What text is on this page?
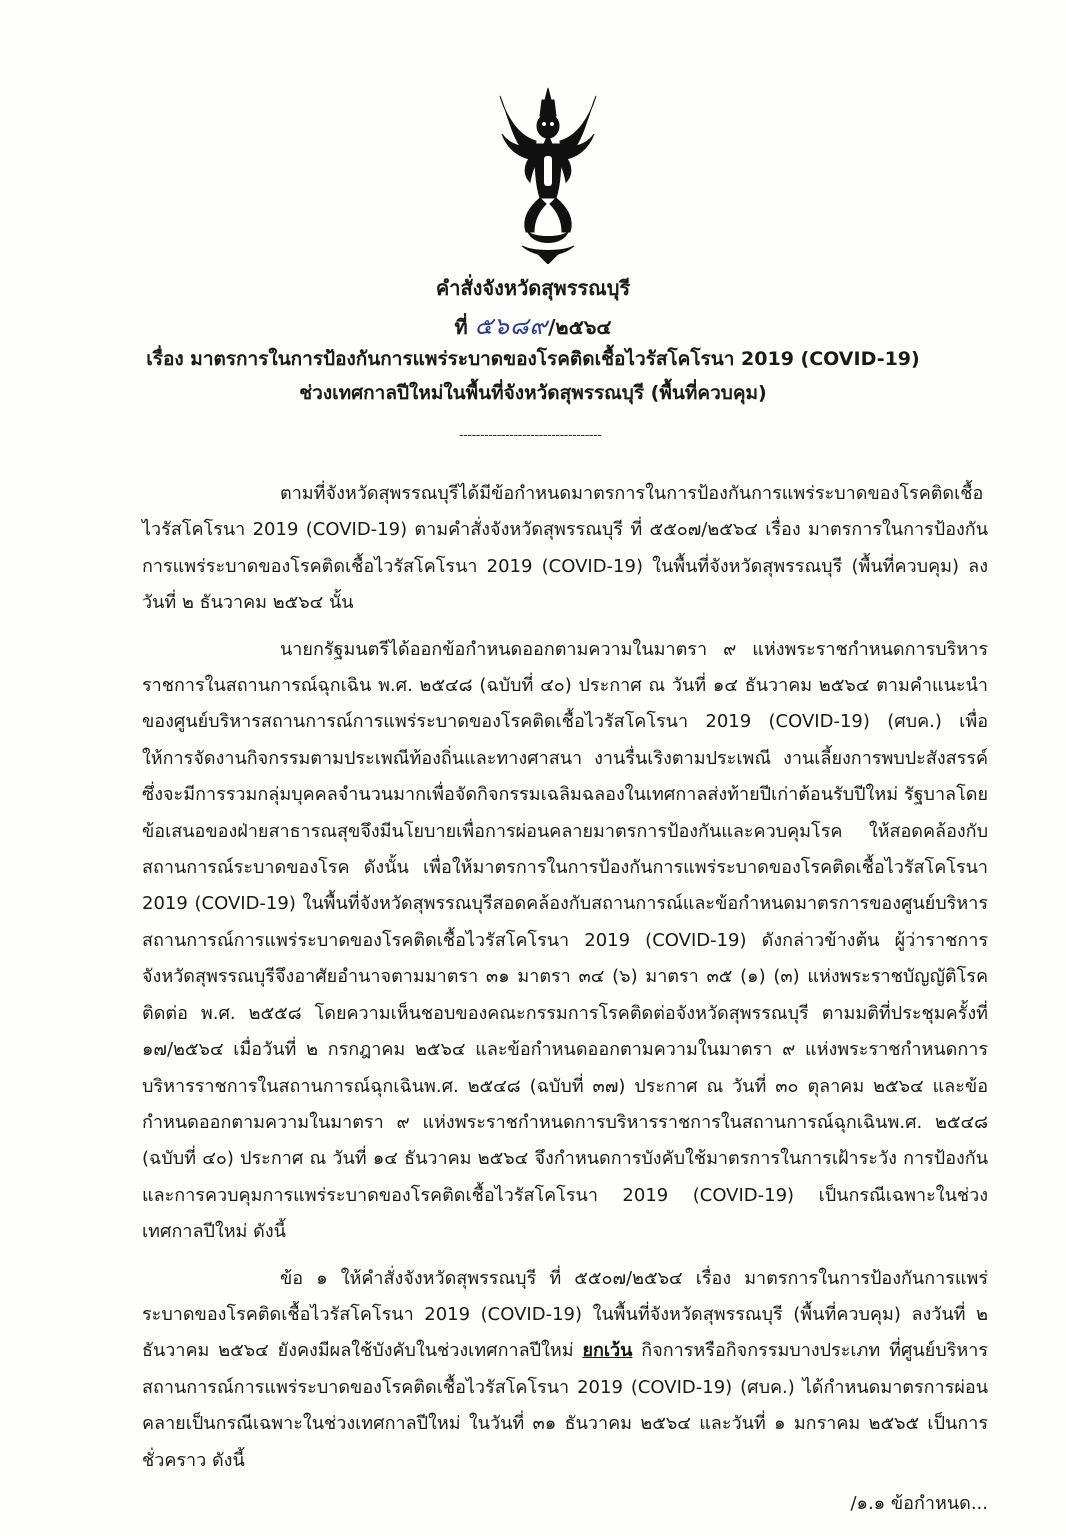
คำสั่งจังหวัดสุพรรณบุรี
ที่ ๕๖๘๙/๒๕๖๔
เรื่อง มาตรการในการป้องกันการแพร่ระบาดของโรคติดเชื้อไวรัสโคโรนา 2019 (COVID-19)
ช่วงเทศกาลปีใหม่ในพื้นที่จังหวัดสุพรรณบุรี (พื้นที่ควบคุม)
----------------------------------

ตามที่จังหวัดสุพรรณบุรีได้มีข้อกำหนดมาตรการในการป้องกันการแพร่ระบาดของโรคติดเชื้อไวรัสโคโรนา 2019 (COVID-19) ตามคำสั่งจังหวัดสุพรรณบุรี ที่ ๕๕๐๗/๒๕๖๔ เรื่อง มาตรการในการป้องกันการแพร่ระบาดของโรคติดเชื้อไวรัสโคโรนา 2019 (COVID-19) ในพื้นที่จังหวัดสุพรรณบุรี (พื้นที่ควบคุม) ลงวันที่ ๒ ธันวาคม ๒๕๖๔ นั้น

นายกรัฐมนตรีได้ออกข้อกำหนดออกตามความในมาตรา ๙ แห่งพระราชกำหนดการบริหารราชการในสถานการณ์ฉุกเฉิน พ.ศ. ๒๕๔๘ (ฉบับที่ ๔๐) ประกาศ ณ วันที่ ๑๔ ธันวาคม ๒๕๖๔ ตามคำแนะนำของศูนย์บริหารสถานการณ์การแพร่ระบาดของโรคติดเชื้อไวรัสโคโรนา 2019 (COVID-19) (ศบค.) เพื่อให้การจัดงานกิจกรรมตามประเพณีท้องถิ่นและทางศาสนา งานรื่นเริงตามประเพณี งานเลี้ยงการพบปะสังสรรค์ ซึ่งจะมีการรวมกลุ่มบุคคลจำนวนมากเพื่อจัดกิจกรรมเฉลิมฉลองในเทศกาลส่งท้ายปีเก่าต้อนรับปีใหม่ รัฐบาลโดยข้อเสนอของฝ่ายสาธารณสุขจึงมีนโยบายเพื่อการผ่อนคลายมาตรการป้องกันและควบคุมโรค ให้สอดคล้องกับสถานการณ์ระบาดของโรค ดังนั้น เพื่อให้มาตรการในการป้องกันการแพร่ระบาดของโรคติดเชื้อไวรัสโคโรนา 2019 (COVID-19) ในพื้นที่จังหวัดสุพรรณบุรีสอดคล้องกับสถานการณ์และข้อกำหนดมาตรการของศูนย์บริหารสถานการณ์การแพร่ระบาดของโรคติดเชื้อไวรัสโคโรนา 2019 (COVID-19) ดังกล่าวข้างต้น ผู้ว่าราชการจังหวัดสุพรรณบุรีจึงอาศัยอำนาจตามมาตรา ๓๑ มาตรา ๓๔ (๖) มาตรา ๓๕ (๑) (๓) แห่งพระราชบัญญัติโรคติดต่อ พ.ศ. ๒๕๕๘ โดยความเห็นชอบของคณะกรรมการโรคติดต่อจังหวัดสุพรรณบุรี ตามมติที่ประชุมครั้งที่ ๑๗/๒๕๖๔ เมื่อวันที่ ๒ กรกฎาคม ๒๕๖๔ และข้อกำหนดออกตามความในมาตรา ๙ แห่งพระราชกำหนดการบริหารราชการในสถานการณ์ฉุกเฉินพ.ศ. ๒๕๔๘ (ฉบับที่ ๓๗) ประกาศ ณ วันที่ ๓๐ ตุลาคม ๒๕๖๔ และข้อกำหนดออกตามความในมาตรา ๙ แห่งพระราชกำหนดการบริหารราชการในสถานการณ์ฉุกเฉินพ.ศ. ๒๕๔๘ (ฉบับที่ ๔๐) ประกาศ ณ วันที่ ๑๔ ธันวาคม ๒๕๖๔ จึงกำหนดการบังคับใช้มาตรการในการเฝ้าระวัง การป้องกันและการควบคุมการแพร่ระบาดของโรคติดเชื้อไวรัสโคโรนา 2019 (COVID-19) เป็นกรณีเฉพาะในช่วงเทศกาลปีใหม่ ดังนี้

ข้อ ๑ ให้คำสั่งจังหวัดสุพรรณบุรี ที่ ๕๕๐๗/๒๕๖๔ เรื่อง มาตรการในการป้องกันการแพร่ระบาดของโรคติดเชื้อไวรัสโคโรนา 2019 (COVID-19) ในพื้นที่จังหวัดสุพรรณบุรี (พื้นที่ควบคุม) ลงวันที่ ๒ ธันวาคม ๒๕๖๔ ยังคงมีผลใช้บังคับในช่วงเทศกาลปีใหม่ ยกเว้น กิจการหรือกิจกรรมบางประเภท ที่ศูนย์บริหารสถานการณ์การแพร่ระบาดของโรคติดเชื้อไวรัสโคโรนา 2019 (COVID-19) (ศบค.) ได้กำหนดมาตรการผ่อนคลายเป็นกรณีเฉพาะในช่วงเทศกาลปีใหม่ ในวันที่ ๓๑ ธันวาคม ๒๕๖๔ และวันที่ ๑ มกราคม ๒๕๖๕ เป็นการชั่วคราว ดังนี้

/๑.๑ ข้อกำหนด...
